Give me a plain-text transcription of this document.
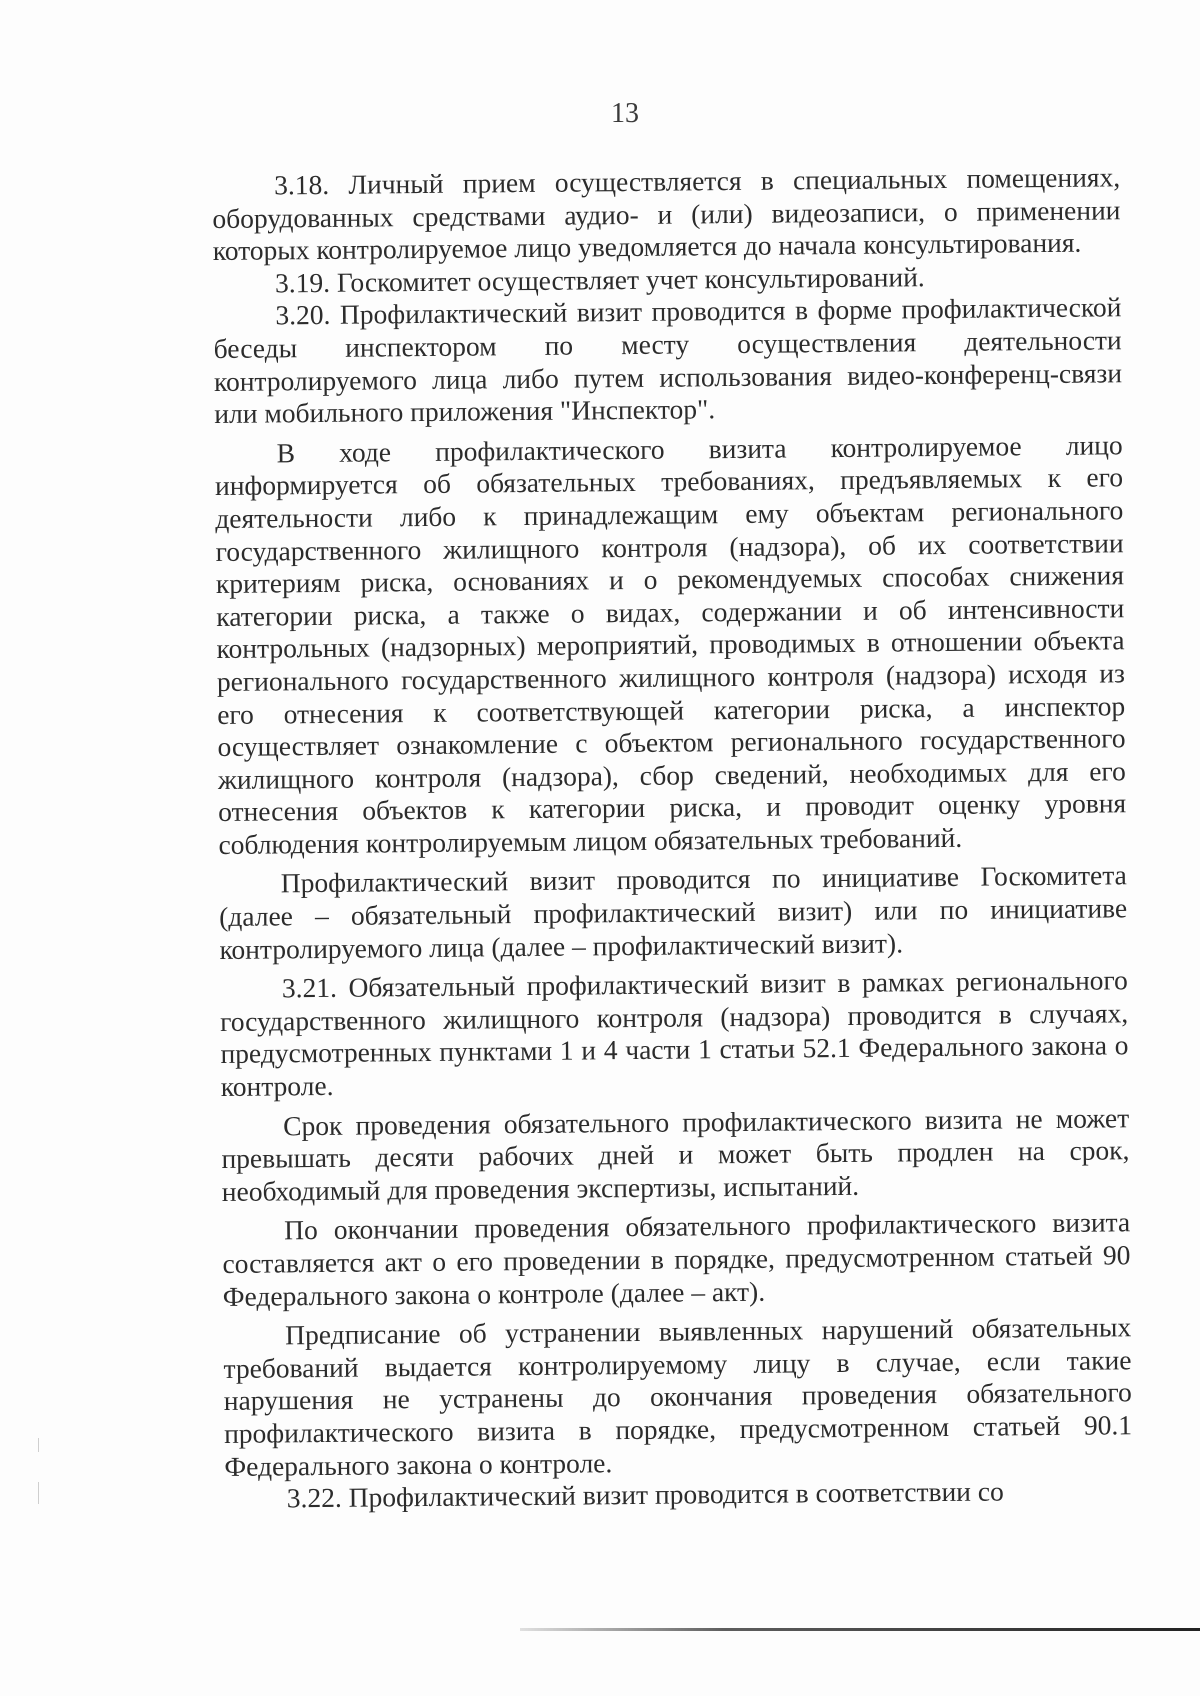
13

3.18. Личный прием осуществляется в специальных помещениях, оборудованных средствами аудио- и (или) видеозаписи, о применении которых контролируемое лицо уведомляется до начала консультирования.

3.19. Госкомитет осуществляет учет консультирований.

3.20. Профилактический визит проводится в форме профилактической беседы инспектором по месту осуществления деятельности контролируемого лица либо путем использования видео-конференц-связи или мобильного приложения "Инспектор".

В ходе профилактического визита контролируемое лицо информируется об обязательных требованиях, предъявляемых к его деятельности либо к принадлежащим ему объектам регионального государственного жилищного контроля (надзора), об их соответствии критериям риска, основаниях и о рекомендуемых способах снижения категории риска, а также о видах, содержании и об интенсивности контрольных (надзорных) мероприятий, проводимых в отношении объекта регионального государственного жилищного контроля (надзора) исходя из его отнесения к соответствующей категории риска, а инспектор осуществляет ознакомление с объектом регионального государственного жилищного контроля (надзора), сбор сведений, необходимых для его отнесения объектов к категории риска, и проводит оценку уровня соблюдения контролируемым лицом обязательных требований.

Профилактический визит проводится по инициативе Госкомитета (далее – обязательный профилактический визит) или по инициативе контролируемого лица (далее – профилактический визит).

3.21. Обязательный профилактический визит в рамках регионального государственного жилищного контроля (надзора) проводится в случаях, предусмотренных пунктами 1 и 4 части 1 статьи 52.1 Федерального закона о контроле.

Срок проведения обязательного профилактического визита не может превышать десяти рабочих дней и может быть продлен на срок, необходимый для проведения экспертизы, испытаний.

По окончании проведения обязательного профилактического визита составляется акт о его проведении в порядке, предусмотренном статьей 90 Федерального закона о контроле (далее – акт).

Предписание об устранении выявленных нарушений обязательных требований выдается контролируемому лицу в случае, если такие нарушения не устранены до окончания проведения обязательного профилактического визита в порядке, предусмотренном статьей 90.1 Федерального закона о контроле.

3.22. Профилактический визит проводится в соответствии со
